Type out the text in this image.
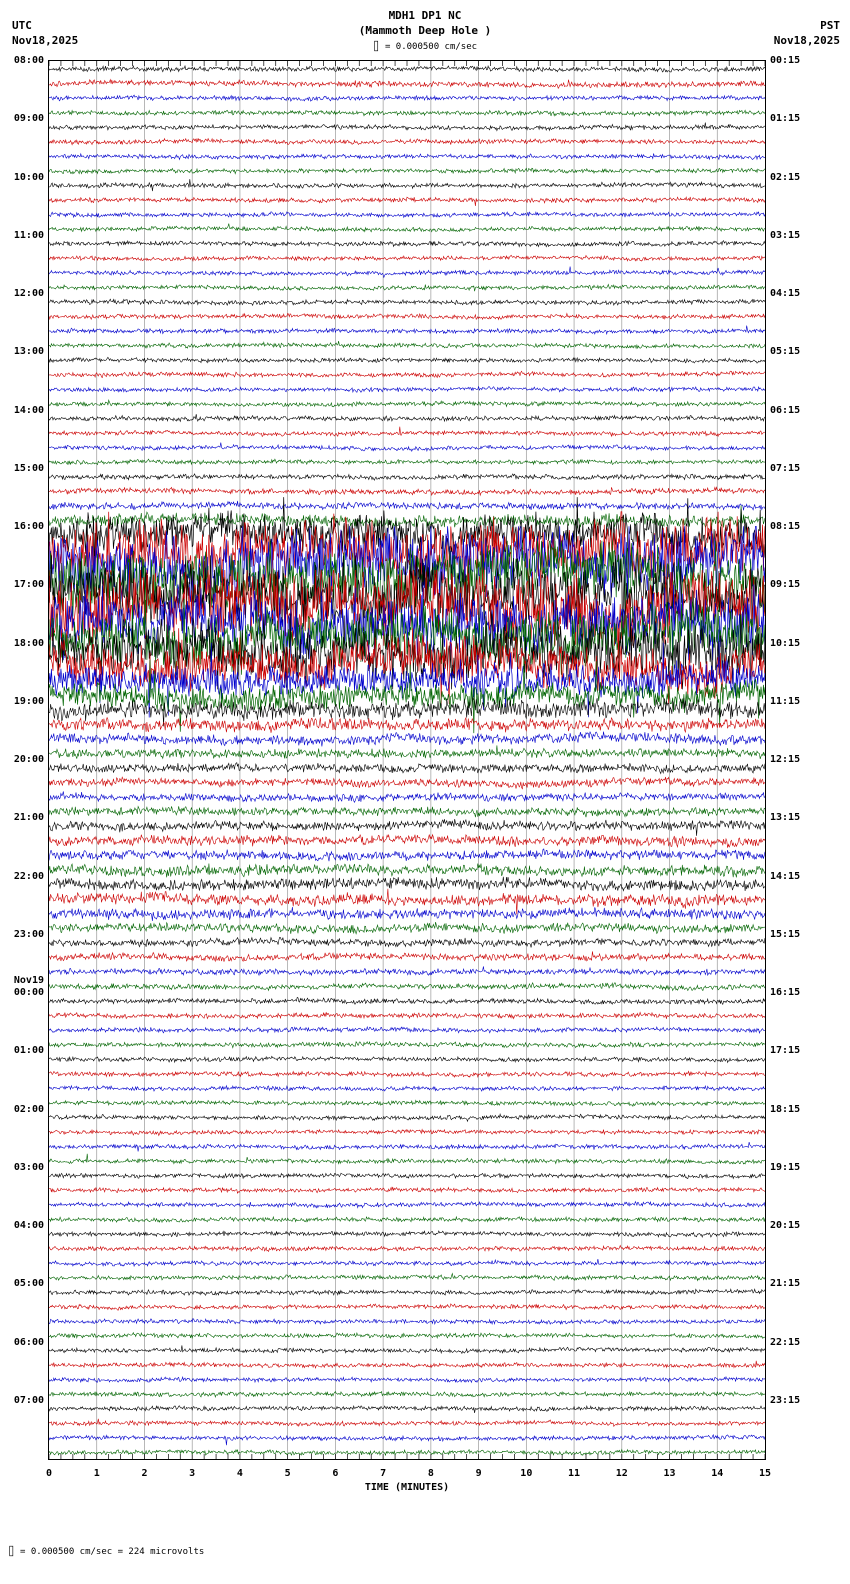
UTC
Nov18,2025
MDH1 DP1 NC
(Mammoth Deep Hole )
⌷ = 0.000500 cm/sec
PST
Nov18,2025
08:00
09:00
10:00
11:00
12:00
13:00
14:00
15:00
16:00
17:00
18:00
19:00
20:00
21:00
22:00
23:00
Nov19
00:00
01:00
02:00
03:00
04:00
05:00
06:00
07:00
00:15
01:15
02:15
03:15
04:15
05:15
06:15
07:15
08:15
09:15
10:15
11:15
12:15
13:15
14:15
15:15
16:15
17:15
18:15
19:15
20:15
21:15
22:15
23:15
0	1	2	3	4	5	6	7	8	9	10	11	12	13	14	15
TIME (MINUTES)
⌷ = 0.000500 cm/sec = 224 microvolts
